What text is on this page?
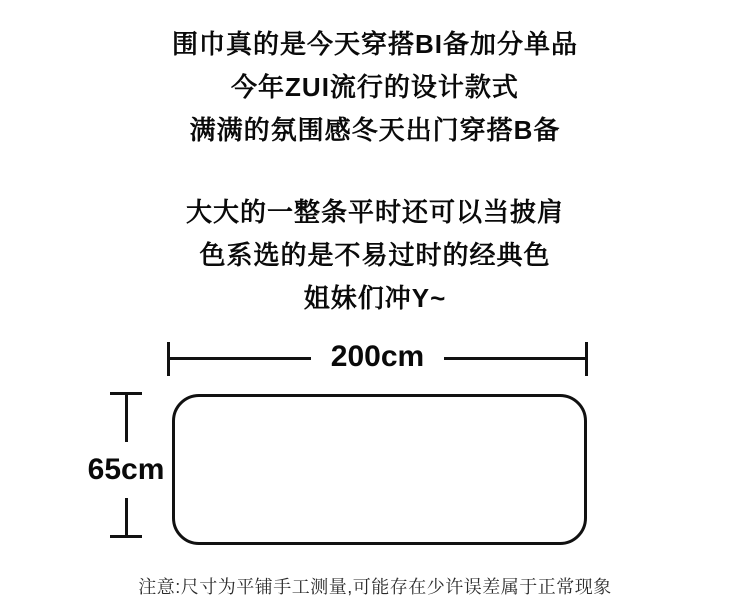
围巾真的是今天穿搭BI备加分单品
今年ZUI流行的设计款式
满满的氛围感冬天出门穿搭B备
大大的一整条平时还可以当披肩
色系选的是不易过时的经典色
姐妹们冲Y~
200cm
65cm
注意:尺寸为平铺手工测量,可能存在少许误差属于正常现象
